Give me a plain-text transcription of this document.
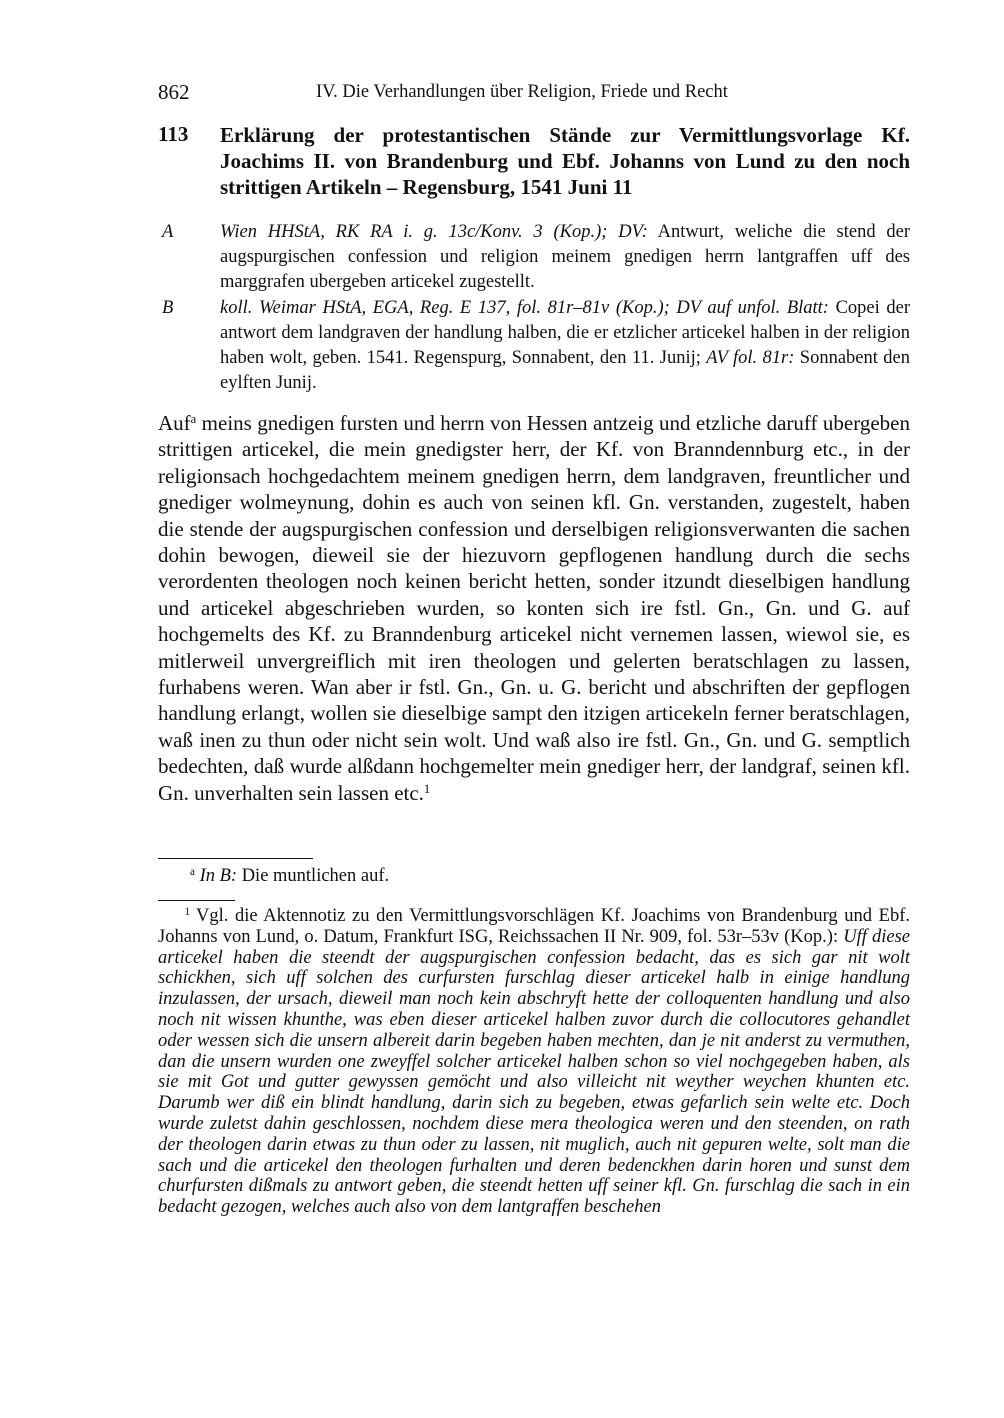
862	IV. Die Verhandlungen über Religion, Friede und Recht
113 Erklärung der protestantischen Stände zur Vermittlungsvorlage Kf. Joachims II. von Brandenburg und Ebf. Johanns von Lund zu den noch strittigen Artikeln – Regensburg, 1541 Juni 11
A	Wien HHStA, RK RA i. g. 13c/Konv. 3 (Kop.); DV: Antwurt, weliche die stend der augspurgischen confession und religion meinem gnedigen herrn lantgraffen uff des marggrafen ubergeben articekel zugestellt.
B	koll. Weimar HStA, EGA, Reg. E 137, fol. 81r–81v (Kop.); DV auf unfol. Blatt: Copei der antwort dem landgraven der handlung halben, die er etzlicher articekel halben in der religion haben wolt, geben. 1541. Regenspurg, Sonnabent, den 11. Junij; AV fol. 81r: Sonnabent den eylften Junij.
Auf$^a$ meins gnedigen fursten und herrn von Hessen antzeig und etzliche daruff ubergeben strittigen articekel, die mein gnedigster herr, der Kf. von Branndennburg etc., in der religionsach hochgedachtem meinem gnedigen herrn, dem landgraven, freuntlicher und gnediger wolmeynung, dohin es auch von seinen kfl. Gn. verstanden, zugestelt, haben die stende der augspurgischen confession und derselbigen religionsverwanten die sachen dohin bewogen, dieweil sie der hiezuvorn gepflogenen handlung durch die sechs verordenten theologen noch keinen bericht hetten, sonder itzundt dieselbigen handlung und articekel abgeschrieben wurden, so konten sich ire fstl. Gn., Gn. und G. auf hochgemelts des Kf. zu Branndenburg articekel nicht vernemen lassen, wiewol sie, es mitlerweil unvergreiflich mit iren theologen und gelerten beratschlagen zu lassen, furhabens weren. Wan aber ir fstl. Gn., Gn. u. G. bericht und abschriften der gepflogen handlung erlangt, wollen sie dieselbige sampt den itzigen articekeln ferner beratschlagen, waß inen zu thun oder nicht sein wolt. Und waß also ire fstl. Gn., Gn. und G. semptlich bedechten, daß wurde alßdann hochgemelter mein gnediger herr, der landgraf, seinen kfl. Gn. unverhalten sein lassen etc.$^1$
$^a$ In B: Die muntlichen auf.
$^1$ Vgl. die Aktennotiz zu den Vermittlungsvorschlägen Kf. Joachims von Brandenburg und Ebf. Johanns von Lund, o. Datum, Frankfurt ISG, Reichssachen II Nr. 909, fol. 53r–53v (Kop.): Uff diese articekel haben die steendt der augspurgischen confession bedacht, das es sich gar nit wolt schickhen, sich uff solchen des curfursten furschlag dieser articekel halb in einige handlung inzulassen, der ursach, dieweil man noch kein abschryft hette der colloquenten handlung und also noch nit wissen khunthe, was eben dieser articekel halben zuvor durch die collocutores gehandlet oder wessen sich die unsern albereit darin begeben haben mechten, dan je nit anderst zu vermuthen, dan die unsern wurden one zweyffel solcher articekel halben schon so viel nochgegeben haben, als sie mit Got und gutter gewyssen gemöcht und also villeicht nit weyther weychen khunten etc. Darumb wer diß ein blindt handlung, darin sich zu begeben, etwas gefarlich sein welte etc. Doch wurde zuletst dahin geschlossen, nochdem diese mera theologica weren und den steenden, on rath der theologen darin etwas zu thun oder zu lassen, nit muglich, auch nit gepuren welte, solt man die sach und die articekel den theologen furhalten und deren bedenckhen darin horen und sunst dem churfursten dißmals zu antwort geben, die steendt hetten uff seiner kfl. Gn. furschlag die sach in ein bedacht gezogen, welches auch also von dem lantgraffen beschehen
